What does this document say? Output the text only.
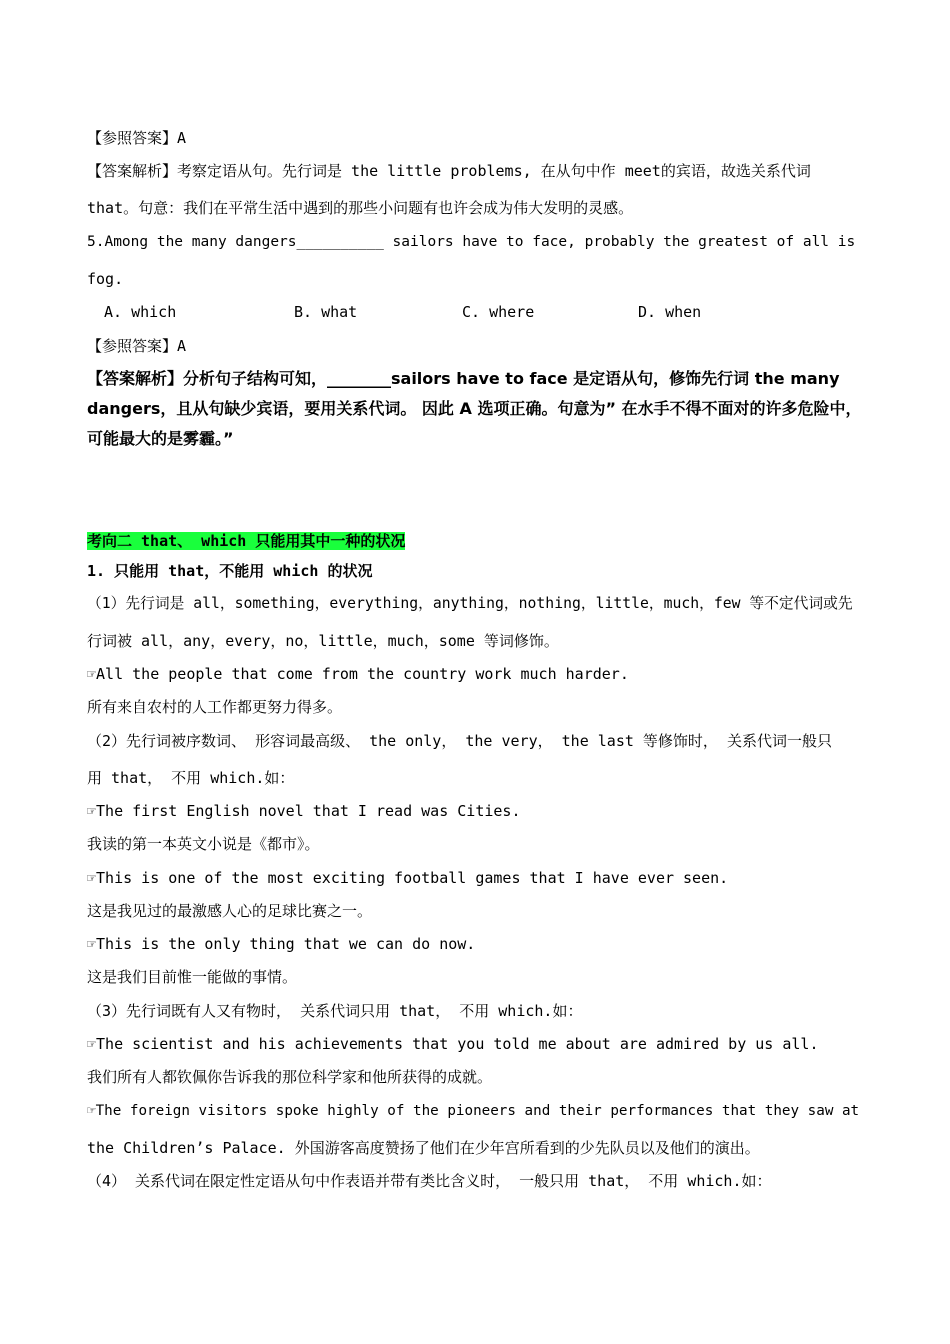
【参照答案】A
【答案解析】考察定语从句。先行词是 the little problems, 在从句中作 meet的宾语，故选关系代词
that。句意：我们在平常生活中遇到的那些小问题有也许会成为伟大发明的灵感。
5.Among the many dangers__________ sailors have to face, probably the greatest of all is
fog.
A. which	B. what	C. where	D. when
【参照答案】A
【答案解析】分析句子结构可知，________sailors have to face 是定语从句，修饰先行词 the many dangers，且从句缺少宾语，要用关系代词。 因此 A 选项正确。句意为” 在水手不得不面对的许多危险中，可能最大的是雾霾。”
考向二 that、 which 只能用其中一种的状况
1. 只能用 that，不能用 which 的状况
（1）先行词是 all，something，everything，anything，nothing，little，much，few 等不定代词或先
行词被 all，any，every，no，little，much，some 等词修饰。
☞All the people that come from the country work much harder.
所有来自农村的人工作都更努力得多。
（2）先行词被序数词、 形容词最高级、 the only， the very， the last 等修饰时， 关系代词一般只
用 that， 不用 which.如：
☞The first English novel that I read was Cities.
我读的第一本英文小说是《都市》。
☞This is one of the most exciting football games that I have ever seen.
这是我见过的最激感人心的足球比赛之一。
☞This is the only thing that we can do now.
这是我们目前惟一能做的事情。
（3）先行词既有人又有物时， 关系代词只用 that， 不用 which.如：
☞The scientist and his achievements that you told me about are admired by us all.
我们所有人都钦佩你告诉我的那位科学家和他所获得的成就。
☞The foreign visitors spoke highly of the pioneers and their performances that they saw at
the Children’s Palace. 外国游客高度赞扬了他们在少年宫所看到的少先队员以及他们的演出。
（4） 关系代词在限定性定语从句中作表语并带有类比含义时， 一般只用 that， 不用 which.如：
